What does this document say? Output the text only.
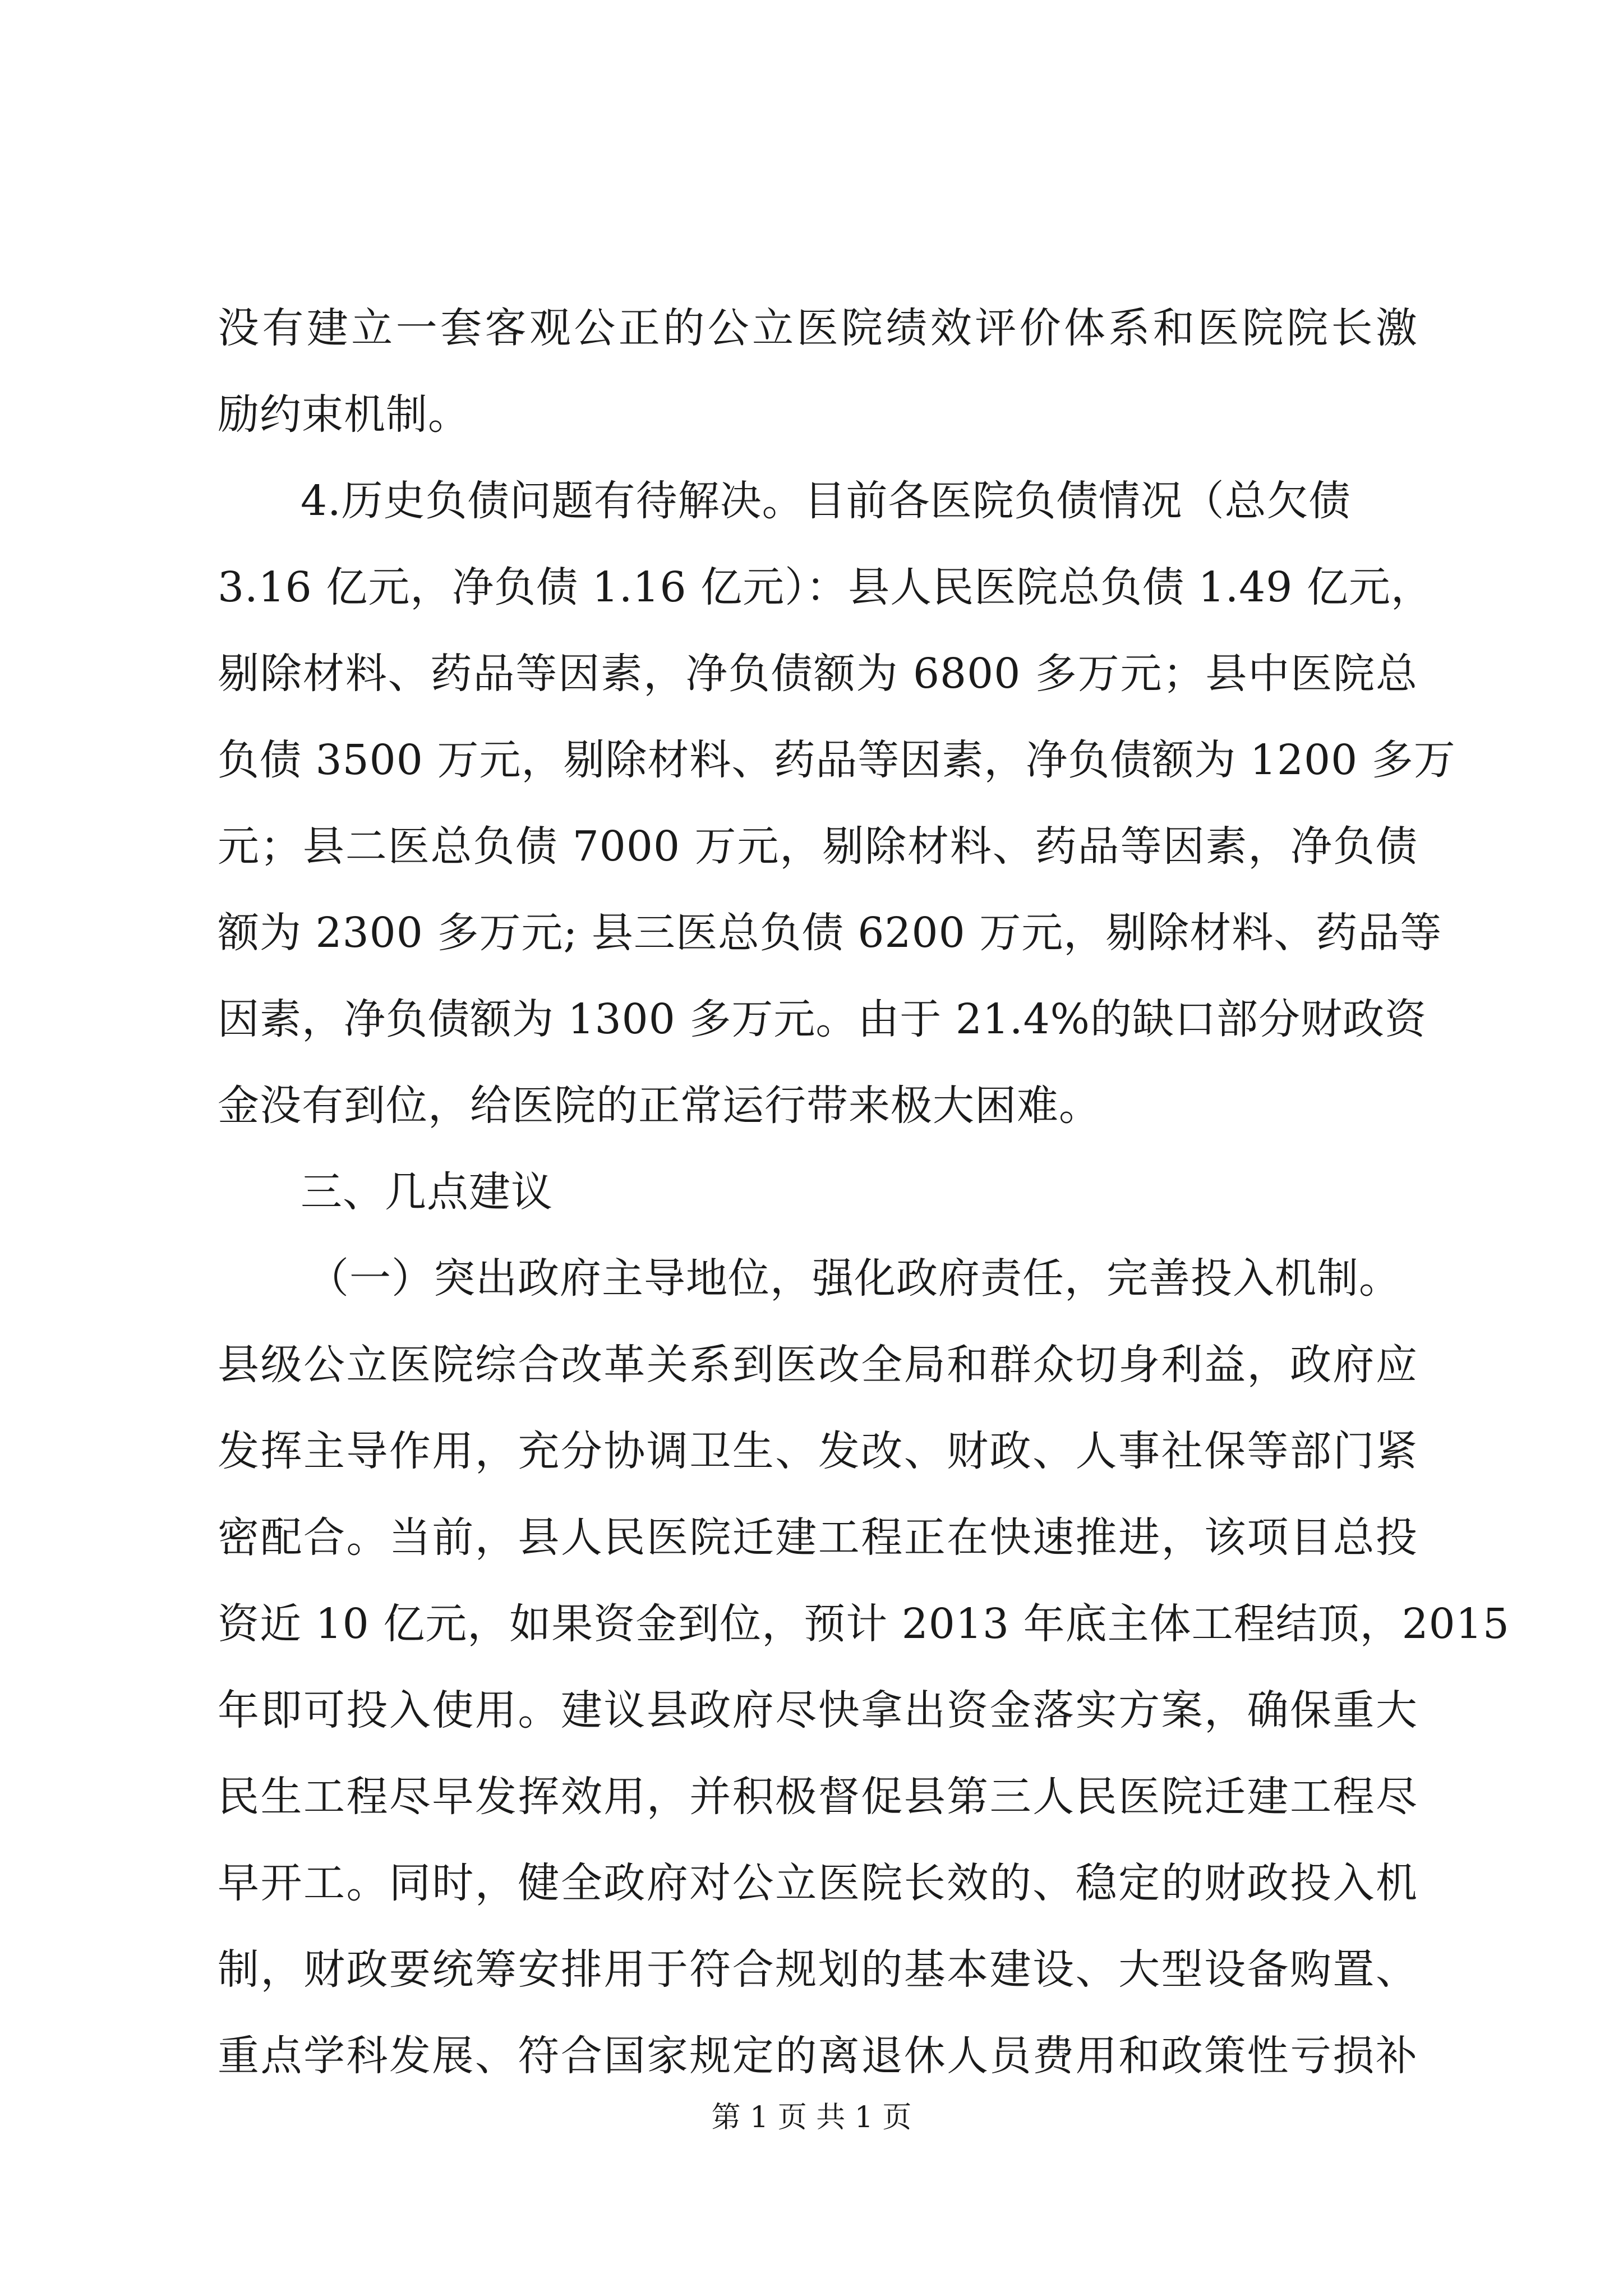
没有建立一套客观公正的公立医院绩效评价体系和医院院长激
励约束机制。
4.历史负债问题有待解决。目前各医院负债情况（总欠债
3.16 亿元，净负债 1.16 亿元）：县人民医院总负债 1.49 亿元，
剔除材料、药品等因素，净负债额为 6800 多万元；县中医院总
负债 3500 万元，剔除材料、药品等因素，净负债额为 1200 多万
元；县二医总负债 7000 万元，剔除材料、药品等因素，净负债
额为 2300 多万元; 县三医总负债 6200 万元，剔除材料、药品等
因素，净负债额为 1300 多万元。由于 21.4%的缺口部分财政资
金没有到位，给医院的正常运行带来极大困难。
三、几点建议
（一）突出政府主导地位，强化政府责任，完善投入机制。
县级公立医院综合改革关系到医改全局和群众切身利益，政府应
发挥主导作用，充分协调卫生、发改、财政、人事社保等部门紧
密配合。当前，县人民医院迁建工程正在快速推进，该项目总投
资近 10 亿元，如果资金到位，预计 2013 年底主体工程结顶，2015
年即可投入使用。建议县政府尽快拿出资金落实方案，确保重大
民生工程尽早发挥效用，并积极督促县第三人民医院迁建工程尽
早开工。同时，健全政府对公立医院长效的、稳定的财政投入机
制，财政要统筹安排用于符合规划的基本建设、大型设备购置、
重点学科发展、符合国家规定的离退休人员费用和政策性亏损补
第 1 页 共 1 页
